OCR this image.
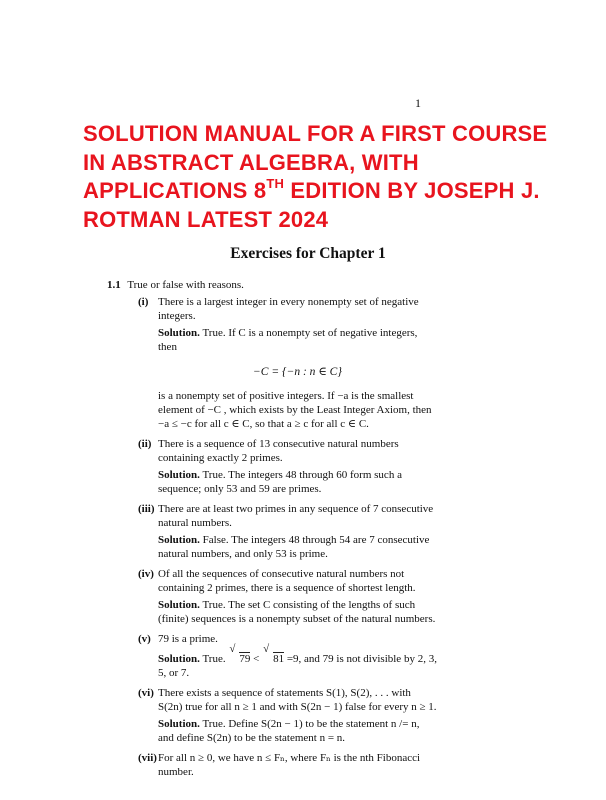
1
SOLUTION MANUAL FOR A FIRST COURSE IN ABSTRACT ALGEBRA, WITH APPLICATIONS 8TH EDITION BY JOSEPH J. ROTMAN LATEST 2024
Exercises for Chapter 1
1.1 True or false with reasons.
(i) There is a largest integer in every nonempty set of negative integers.
Solution. True. If C is a nonempty set of negative integers, then
−C = {−n : n ∈ C}
is a nonempty set of positive integers. If −a is the smallest element of −C , which exists by the Least Integer Axiom, then −a ≤ −c for all c ∈ C, so that a ≥ c for all c ∈ C.
(ii) There is a sequence of 13 consecutive natural numbers containing exactly 2 primes.
Solution. True. The integers 48 through 60 form such a sequence; only 53 and 59 are primes.
(iii) There are at least two primes in any sequence of 7 consecutive natural numbers.
Solution. False. The integers 48 through 54 are 7 consecutive natural numbers, and only 53 is prime.
(iv) Of all the sequences of consecutive natural numbers not containing 2 primes, there is a sequence of shortest length.
Solution. True. The set C consisting of the lengths of such (finite) sequences is a nonempty subset of the natural numbers.
(v) 79 is a prime.
Solution. True. √ 79 < √ 81 =9, and 79 is not divisible by 2, 3, 5, or 7.
(vi) There exists a sequence of statements S(1), S(2), . . . with S(2n) true for all n ≥ 1 and with S(2n − 1) false for every n ≥ 1.
Solution. True. Define S(2n − 1) to be the statement n /= n, and define S(2n) to be the statement n = n.
(vii) For all n ≥ 0, we have n ≤ Fₙ, where Fₙ is the nth Fibonacci number.
